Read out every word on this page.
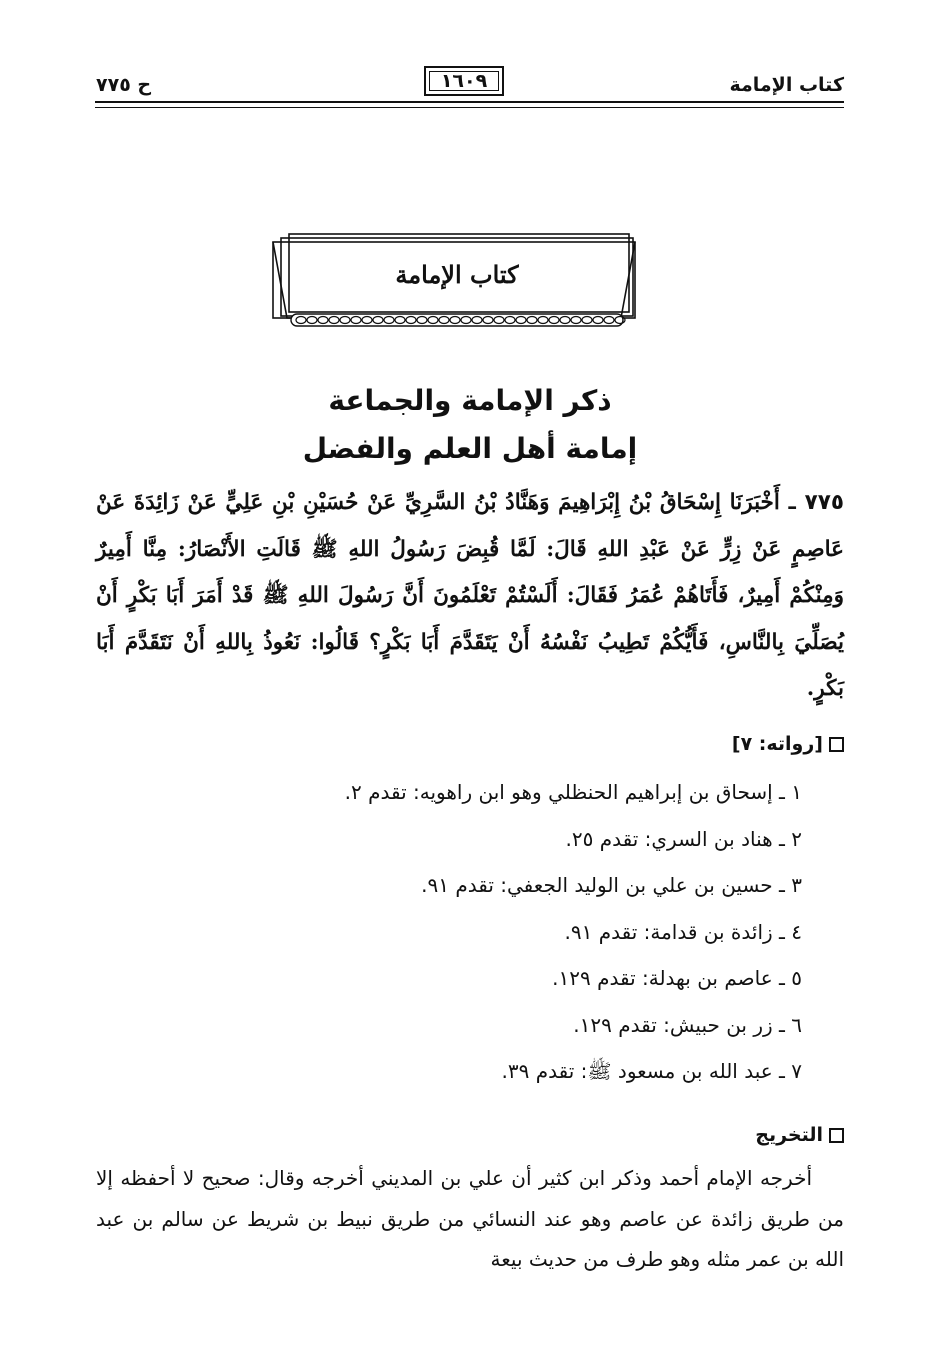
كتاب الإمامة
١٦٠٩
ح ٧٧٥
كتاب الإمامة
ذكر الإمامة والجماعة
إمامة أهل العلم والفضل

٧٧٥ ـ أَخْبَرَنَا إِسْحَاقُ بْنُ إِبْرَاهِيمَ وَهَنَّادُ بْنُ السَّرِيِّ عَنْ حُسَيْنِ بْنِ عَلِيٍّ عَنْ زَائِدَةَ عَنْ عَاصِمٍ عَنْ زِرٍّ عَنْ عَبْدِ اللهِ قَالَ: لَمَّا قُبِضَ رَسُولُ اللهِ ﷺ قَالَتِ الأَنْصَارُ: مِنَّا أَمِيرٌ وَمِنْكُمْ أَمِيرٌ، فَأَتَاهُمْ عُمَرُ فَقَالَ: أَلَسْتُمْ تَعْلَمُونَ أَنَّ رَسُولَ اللهِ ﷺ قَدْ أَمَرَ أَبَا بَكْرٍ أَنْ يُصَلِّيَ بِالنَّاسِ، فَأَيُّكُمْ تَطِيبُ نَفْسُهُ أَنْ يَتَقَدَّمَ أَبَا بَكْرٍ؟ قَالُوا: نَعُوذُ بِاللهِ أَنْ نَتَقَدَّمَ أَبَا بَكْرٍ.

[رواته: ٧]
١ ـ إسحاق بن إبراهيم الحنظلي وهو ابن راهويه: تقدم ٢.
٢ ـ هناد بن السري: تقدم ٢٥.
٣ ـ حسين بن علي بن الوليد الجعفي: تقدم ٩١.
٤ ـ زائدة بن قدامة: تقدم ٩١.
٥ ـ عاصم بن بهدلة: تقدم ١٢٩.
٦ ـ زر بن حبيش: تقدم ١٢٩.
٧ ـ عبد الله بن مسعود ﷺ: تقدم ٣٩.
التخريج

أخرجه الإمام أحمد وذكر ابن كثير أن علي بن المديني أخرجه وقال: صحيح لا أحفظه إلا من طريق زائدة عن عاصم وهو عند النسائي من طريق نبيط بن شريط عن سالم بن عبد الله بن عمر مثله وهو طرف من حديث بيعة
